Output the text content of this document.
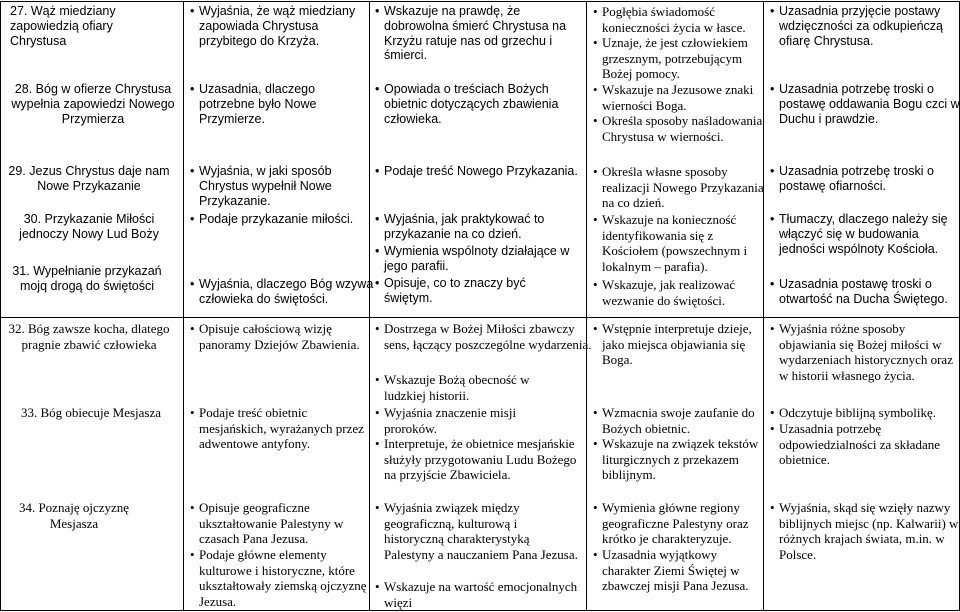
27. Wąż miedziany zapowiedzią ofiary Chrystusa
28. Bóg w ofierze Chrystusa wypełnia zapowiedzi Nowego Przymierza
29. Jezus Chrystus daje nam Nowe Przykazanie
30. Przykazanie Miłości jednoczy Nowy Lud Boży
31. Wypełnianie przykazań mojq drogą do świętości
• Wyjaśnia, że wąż miedziany zapowiada Chrystusa przybitego do Krzyża.
• Uzasadnia, dlaczego potrzebne było Nowe Przymierze.
• Wyjaśnia, w jaki sposób Chrystus wypełnił Nowe Przykazanie.
• Podaje przykazanie miłości.
• Wyjaśnia, dlaczego Bóg wzywa człowieka do świętości.
• Wskazuje na prawdę, że dobrowolna śmierć Chrystusa na Krzyżu ratuje nas od grzechu i śmierci.
• Opowiada o treściach Bożych obietnic dotyczących zbawienia człowieka.
• Podaje treść Nowego Przykazania.
• Wyjaśnia, jak praktykować to przykazanie na co dzień.
• Wymienia wspólnoty działające w jego parafii.
• Opisuje, co to znaczy być świętym.
• Pogłębia świadomość konieczności życia w łasce.
• Uznaje, że jest człowiekiem grzesznym, potrzebującym Bożej pomocy.
• Wskazuje na Jezusowe znaki wierności Boga.
• Określa sposoby naśladowania Chrystusa w wierności.
• Określa własne sposoby realizacji Nowego Przykazania na co dzień.
• Wskazuje na konieczność identyfikowania się z Kościołem (powszechnym i lokalnym – parafia).
• Wskazuje, jak realizować wezwanie do świętości.
• Uzasadnia przyjęcie postawy wdzięczności za odkupieńczą ofiarę Chrystusa.
• Uzasadnia potrzebę troski o postawę oddawania Bogu czci w Duchu i prawdzie.
• Uzasadnia potrzebę troski o postawę ofiarności.
• Tłumaczy, dlaczego należy się włączyć się w budowania jedności wspólnoty Kościoła.
• Uzasadnia postawę troski o otwartość na Ducha Świętego.
32. Bóg zawsze kocha, dlatego pragnie zbawić człowieka
33. Bóg obiecuje Mesjasza
34. Poznaję ojczyznę Mesjasza
• Opisuje całościową wizję panoramy Dziejów Zbawienia.
• Podaje treść obietnic mesjańskich, wyrażanych przez adwentowe antyfony.
• Opisuje geograficzne ukształtowanie Palestyny w czasach Pana Jezusa.
• Podaje główne elementy kulturowe i historyczne, które ukształtowały ziemską ojczyznę Jezusa.
• Dostrzega w Bożej Miłości zbawczy sens, łączący poszczególne wydarzenia.
• Wskazuje Bożą obecność w ludzkiej historii.
• Wyjaśnia znaczenie misji proroków.
• Interpretuje, że obietnice mesjańskie służyły przygotowaniu Ludu Bożego na przyjście Zbawiciela.
• Wyjaśnia związek między geograficzną, kulturową i historyczną charakterystyką Palestyny a nauczaniem Pana Jezusa.
• Wskazuje na wartość emocjonalnych więzi
• Wstępnie interpretuje dzieje, jako miejsca objawiania się Boga.
• Wzmacnia swoje zaufanie do Bożych obietnic.
• Wskazuje na związek tekstów liturgicznych z przekazem biblijnym.
• Wymienia główne regiony geograficzne Palestyny oraz krótko je charakteryzuje.
• Uzasadnia wyjątkowy charakter Ziemi Świętej w zbawczej misji Pana Jezusa.
• Wyjaśnia różne sposoby objawiania się Bożej miłości w wydarzeniach historycznych oraz w historii własnego życia.
• Odczytuje biblijną symbolikę.
• Uzasadnia potrzebę odpowiedzialności za składane obietnice.
• Wyjaśnia, skąd się wzięły nazwy biblijnych miejsc (np. Kalwarii) w różnych krajach świata, m.in. w Polsce.
